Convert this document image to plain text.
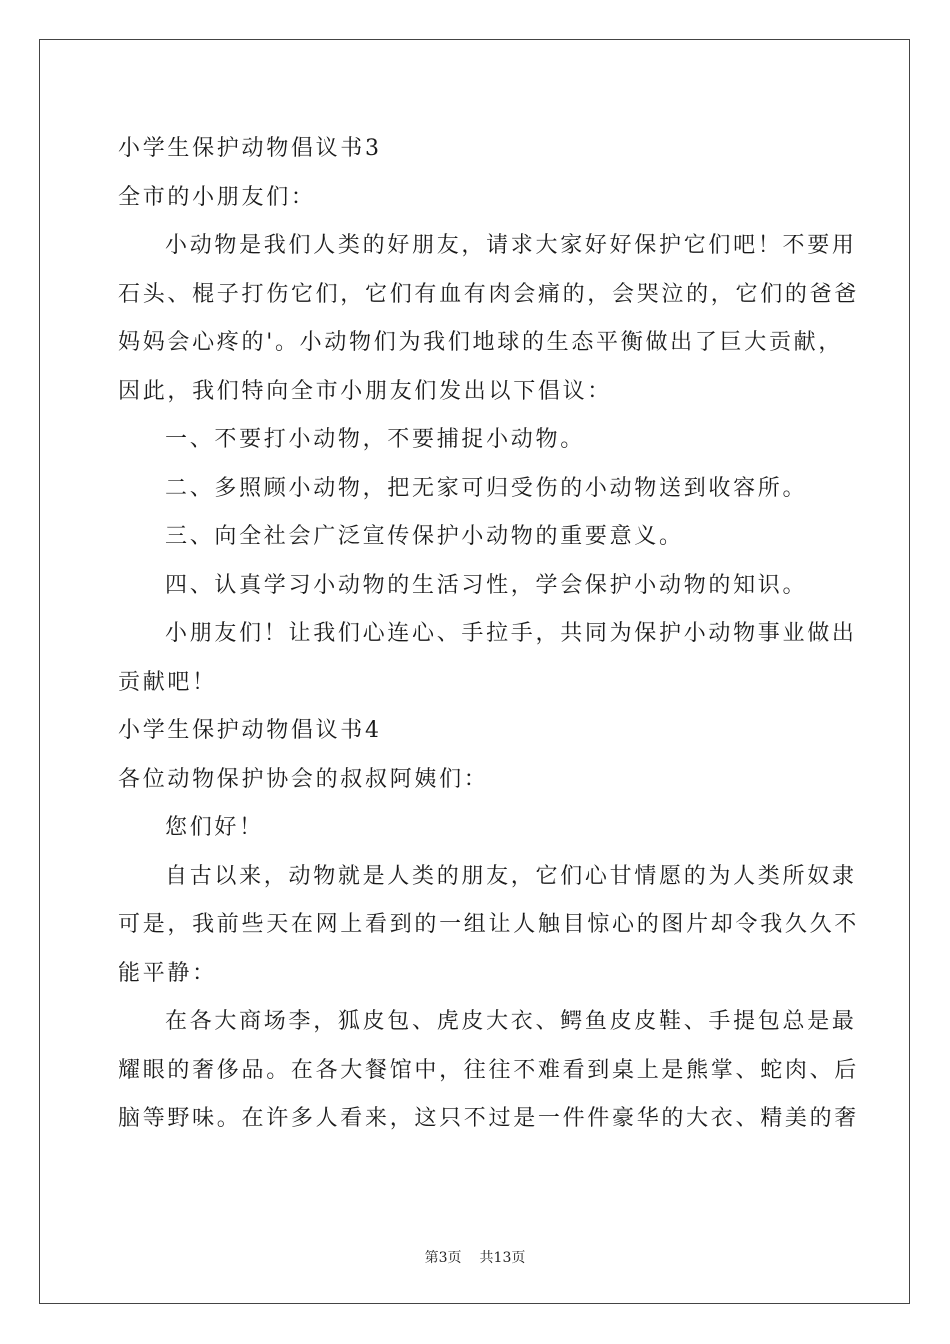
小学生保护动物倡议书3
全市的小朋友们：
小动物是我们人类的好朋友，请求大家好好保护它们吧！不要用
石头、棍子打伤它们，它们有血有肉会痛的，会哭泣的，它们的爸爸
妈妈会心疼的'。小动物们为我们地球的生态平衡做出了巨大贡献，
因此，我们特向全市小朋友们发出以下倡议：
一、不要打小动物，不要捕捉小动物。
二、多照顾小动物，把无家可归受伤的小动物送到收容所。
三、向全社会广泛宣传保护小动物的重要意义。
四、认真学习小动物的生活习性，学会保护小动物的知识。
小朋友们！让我们心连心、手拉手，共同为保护小动物事业做出
贡献吧！
小学生保护动物倡议书4
各位动物保护协会的叔叔阿姨们：
您们好！
自古以来，动物就是人类的朋友，它们心甘情愿的为人类所奴隶
可是，我前些天在网上看到的一组让人触目惊心的图片却令我久久不
能平静：
在各大商场李，狐皮包、虎皮大衣、鳄鱼皮皮鞋、手提包总是最
耀眼的奢侈品。在各大餐馆中，往往不难看到桌上是熊掌、蛇肉、后
脑等野味。在许多人看来，这只不过是一件件豪华的大衣、精美的奢
第3页 共13页
